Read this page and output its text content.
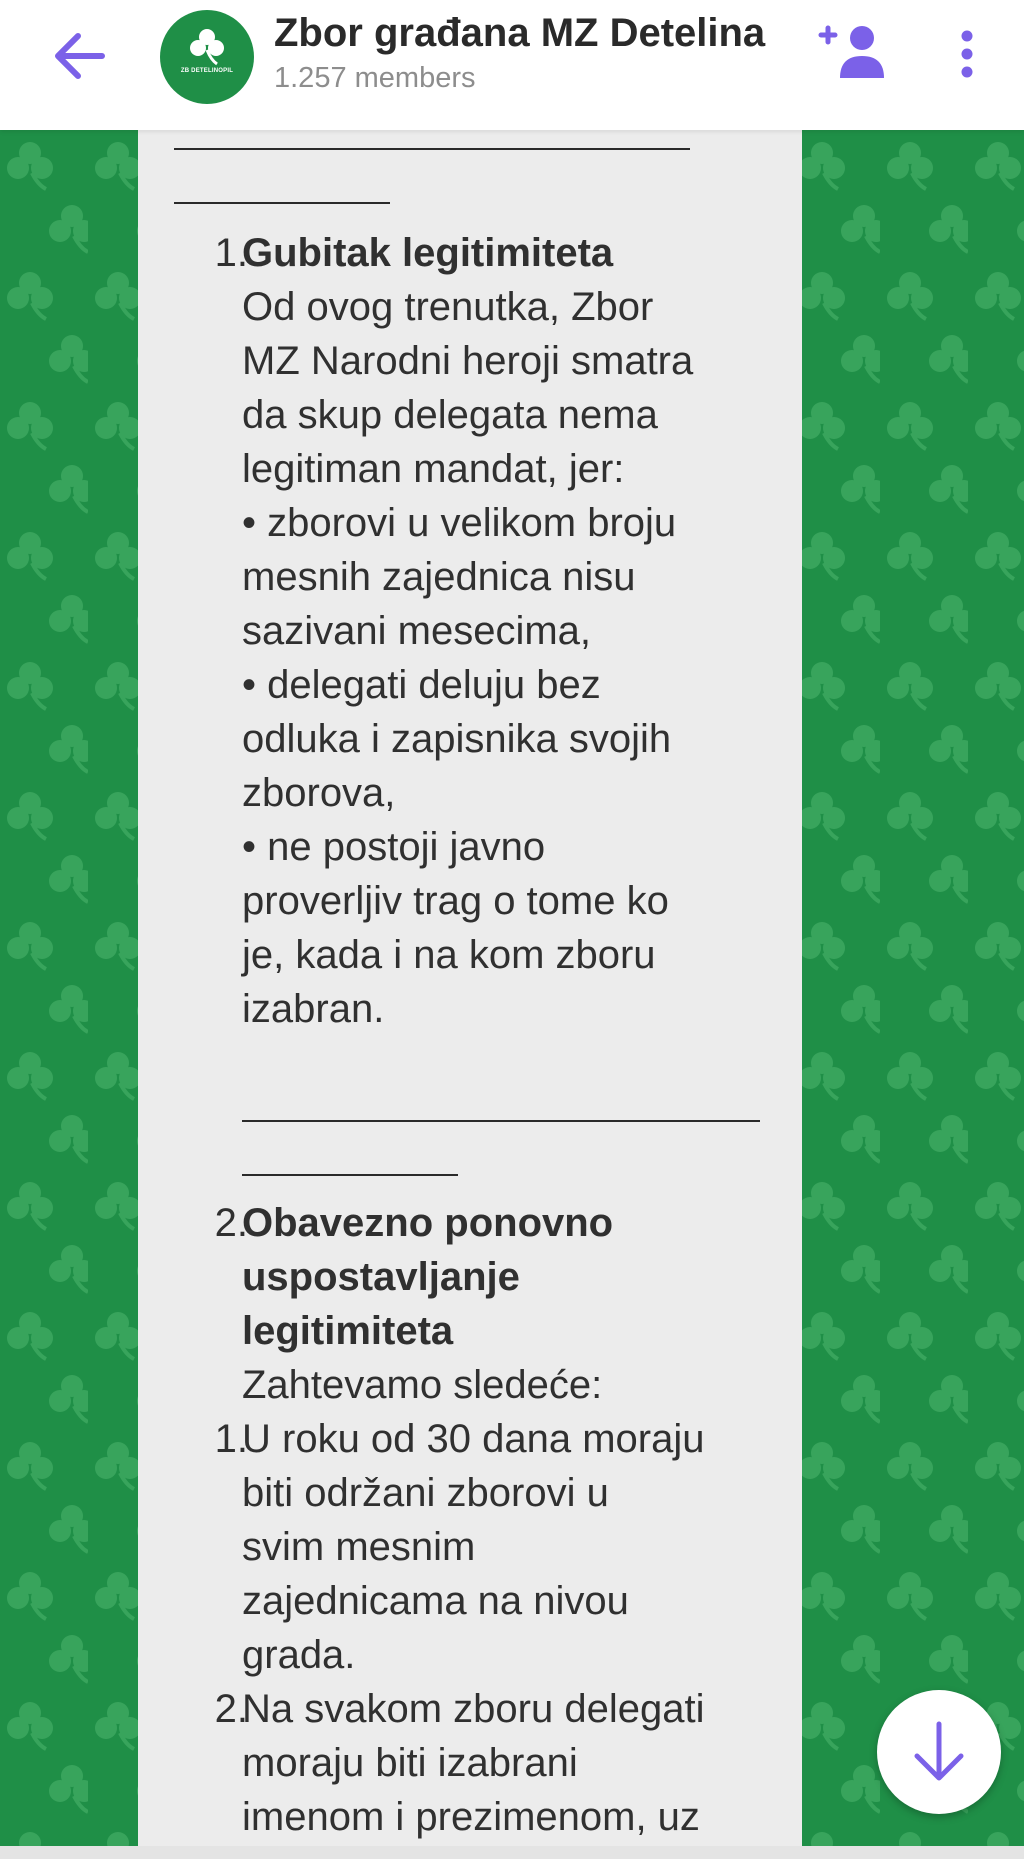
ZB DETELINOPIL
Zbor građana MZ Detelina
1.257 members
1.
Gubitak legitimiteta
Od ovog trenutka, Zbor
MZ Narodni heroji smatra
da skup delegata nema
legitiman mandat, jer:
• zborovi u velikom broju
mesnih zajednica nisu
sazivani mesecima,
• delegati deluju bez
odluka i zapisnika svojih
zborova,
• ne postoji javno
proverljiv trag o tome ko
je, kada i na kom zboru
izabran.
2.
Obavezno ponovno
uspostavljanje
legitimiteta
Zahtevamo sledeće:
1.
U roku od 30 dana moraju
biti održani zborovi u
svim mesnim
zajednicama na nivou
grada.
2.
Na svakom zboru delegati
moraju biti izabrani
imenom i prezimenom, uz
